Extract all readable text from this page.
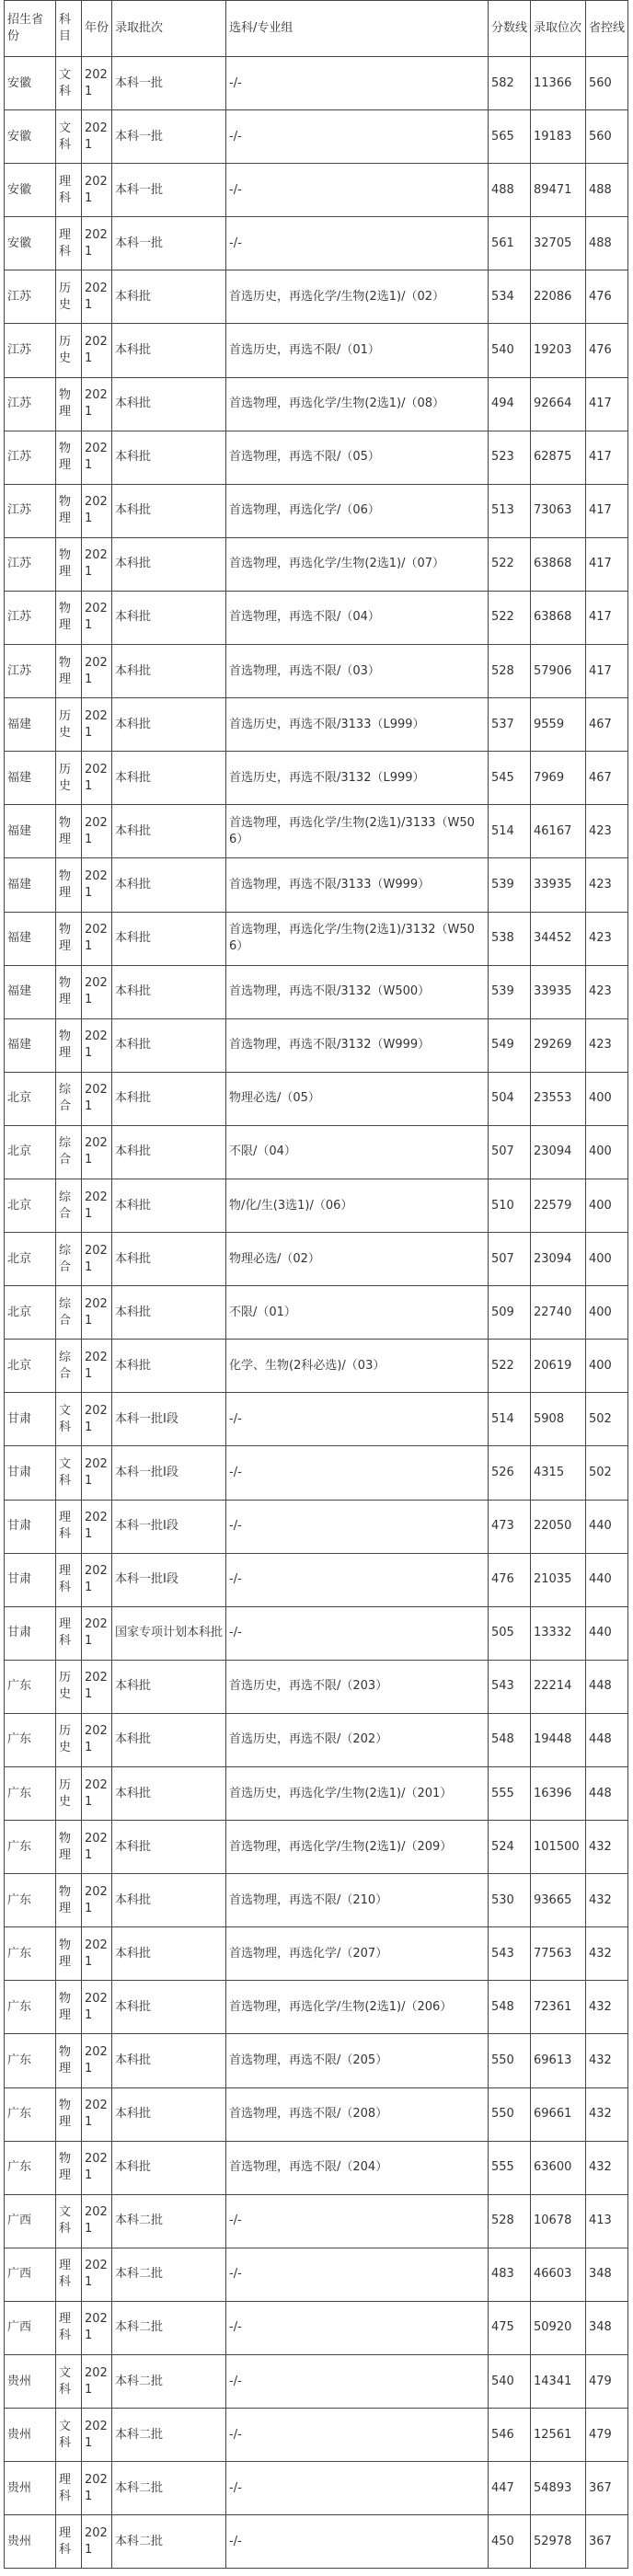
招生省份	科目	年份	录取批次	选科/专业组	分数线	录取位次	省控线
安徽	文科	2021	本科一批	-/-	582	11366	560
安徽	文科	2021	本科一批	-/-	565	19183	560
安徽	理科	2021	本科一批	-/-	488	89471	488
安徽	理科	2021	本科一批	-/-	561	32705	488
江苏	历史	2021	本科批	首选历史，再选化学/生物(2选1)/（02）	534	22086	476
江苏	历史	2021	本科批	首选历史，再选不限/（01）	540	19203	476
江苏	物理	2021	本科批	首选物理，再选化学/生物(2选1)/（08）	494	92664	417
江苏	物理	2021	本科批	首选物理，再选不限/（05）	523	62875	417
江苏	物理	2021	本科批	首选物理，再选化学/（06）	513	73063	417
江苏	物理	2021	本科批	首选物理，再选化学/生物(2选1)/（07）	522	63868	417
江苏	物理	2021	本科批	首选物理，再选不限/（04）	522	63868	417
江苏	物理	2021	本科批	首选物理，再选不限/（03）	528	57906	417
福建	历史	2021	本科批	首选历史，再选不限/3133（L999）	537	9559	467
福建	历史	2021	本科批	首选历史，再选不限/3132（L999）	545	7969	467
福建	物理	2021	本科批	首选物理，再选化学/生物(2选1)/3133（W506）	514	46167	423
福建	物理	2021	本科批	首选物理，再选不限/3133（W999）	539	33935	423
福建	物理	2021	本科批	首选物理，再选化学/生物(2选1)/3132（W506）	538	34452	423
福建	物理	2021	本科批	首选物理，再选不限/3132（W500）	539	33935	423
福建	物理	2021	本科批	首选物理，再选不限/3132（W999）	549	29269	423
北京	综合	2021	本科批	物理必选/（05）	504	23553	400
北京	综合	2021	本科批	不限/（04）	507	23094	400
北京	综合	2021	本科批	物/化/生(3选1)/（06）	510	22579	400
北京	综合	2021	本科批	物理必选/（02）	507	23094	400
北京	综合	2021	本科批	不限/（01）	509	22740	400
北京	综合	2021	本科批	化学、生物(2科必选)/（03）	522	20619	400
甘肃	文科	2021	本科一批I段	-/-	514	5908	502
甘肃	文科	2021	本科一批I段	-/-	526	4315	502
甘肃	理科	2021	本科一批I段	-/-	473	22050	440
甘肃	理科	2021	本科一批I段	-/-	476	21035	440
甘肃	理科	2021	国家专项计划本科批	-/-	505	13332	440
广东	历史	2021	本科批	首选历史，再选不限/（203）	543	22214	448
广东	历史	2021	本科批	首选历史，再选不限/（202）	548	19448	448
广东	历史	2021	本科批	首选历史，再选化学/生物(2选1)/（201）	555	16396	448
广东	物理	2021	本科批	首选物理，再选化学/生物(2选1)/（209）	524	101500	432
广东	物理	2021	本科批	首选物理，再选不限/（210）	530	93665	432
广东	物理	2021	本科批	首选物理，再选化学/（207）	543	77563	432
广东	物理	2021	本科批	首选物理，再选化学/生物(2选1)/（206）	548	72361	432
广东	物理	2021	本科批	首选物理，再选不限/（205）	550	69613	432
广东	物理	2021	本科批	首选物理，再选不限/（208）	550	69661	432
广东	物理	2021	本科批	首选物理，再选不限/（204）	555	63600	432
广西	文科	2021	本科二批	-/-	528	10678	413
广西	理科	2021	本科二批	-/-	483	46603	348
广西	理科	2021	本科二批	-/-	475	50920	348
贵州	文科	2021	本科二批	-/-	540	14341	479
贵州	文科	2021	本科二批	-/-	546	12561	479
贵州	理科	2021	本科二批	-/-	447	54893	367
贵州	理科	2021	本科二批	-/-	450	52978	367
